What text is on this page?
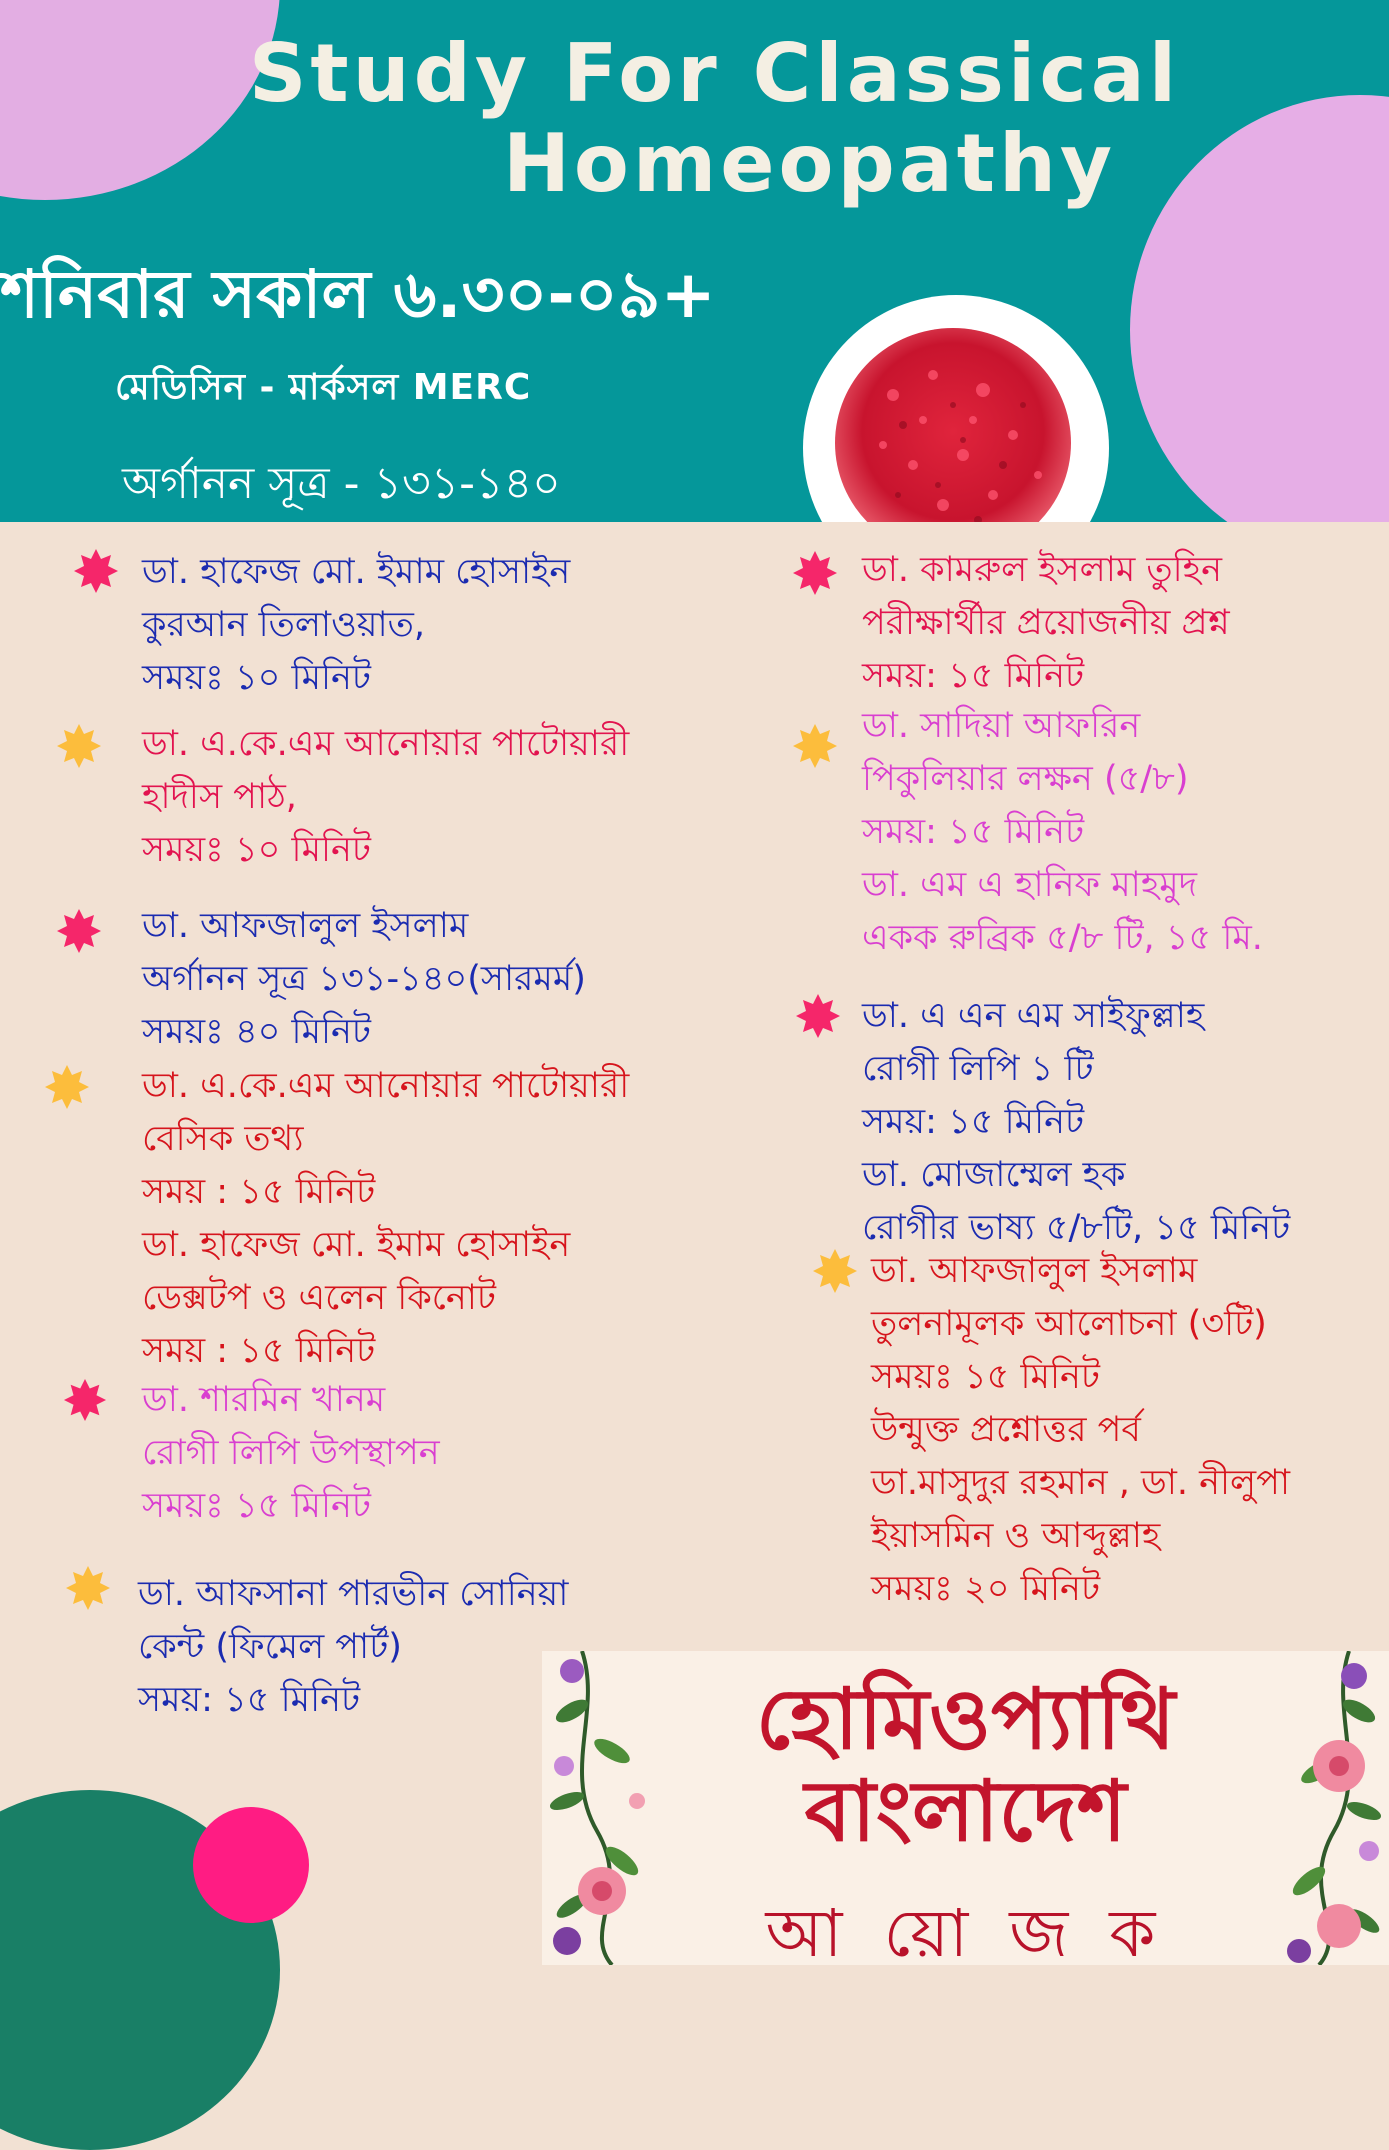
Study For Classical
Homeopathy
শনিবার সকাল ৬.৩০-০৯+
মেডিসিন - মার্কসল MERC
অর্গানন সূত্র - ১৩১-১৪০
ডা. হাফেজ মো. ইমাম হোসাইন
কুরআন তিলাওয়াত,
সময়ঃ ১০ মিনিট
ডা. এ.কে.এম আনোয়ার পাটোয়ারী
হাদীস পাঠ,
সময়ঃ ১০ মিনিট
ডা. আফজালুল ইসলাম
অর্গানন সূত্র ১৩১-১৪০(সারমর্ম)
সময়ঃ ৪০ মিনিট
ডা. এ.কে.এম আনোয়ার পাটোয়ারী
বেসিক তথ্য
সময় : ১৫ মিনিট
ডা. হাফেজ মো. ইমাম হোসাইন
ডেক্সটপ ও এলেন কিনোট
সময় : ১৫ মিনিট
ডা. শারমিন খানম
রোগী লিপি উপস্থাপন
সময়ঃ ১৫ মিনিট
ডা. আফসানা পারভীন সোনিয়া
কেন্ট (ফিমেল পার্ট)
সময়: ১৫ মিনিট
ডা. কামরুল ইসলাম তুহিন
পরীক্ষার্থীর প্রয়োজনীয় প্রশ্ন
সময়: ১৫ মিনিট
ডা. সাদিয়া আফরিন
পিকুলিয়ার লক্ষন (৫/৮)
সময়: ১৫ মিনিট
ডা. এম এ হানিফ মাহমুদ
একক রুব্রিক ৫/৮ টি, ১৫ মি.
ডা. এ এন এম সাইফুল্লাহ
রোগী লিপি ১ টি
সময়: ১৫ মিনিট
ডা. মোজাম্মেল হক
রোগীর ভাষ্য ৫/৮টি, ১৫ মিনিট
ডা. আফজালুল ইসলাম
তুলনামূলক আলোচনা (৩টি)
সময়ঃ ১৫ মিনিট
উন্মুক্ত প্রশ্নোত্তর পর্ব
ডা.মাসুদুর রহমান , ডা. নীলুপা
ইয়াসমিন ও আব্দুল্লাহ
সময়ঃ ২০ মিনিট
হোমিওপ্যাথি
বাংলাদেশ
আ য়ো জ ক
